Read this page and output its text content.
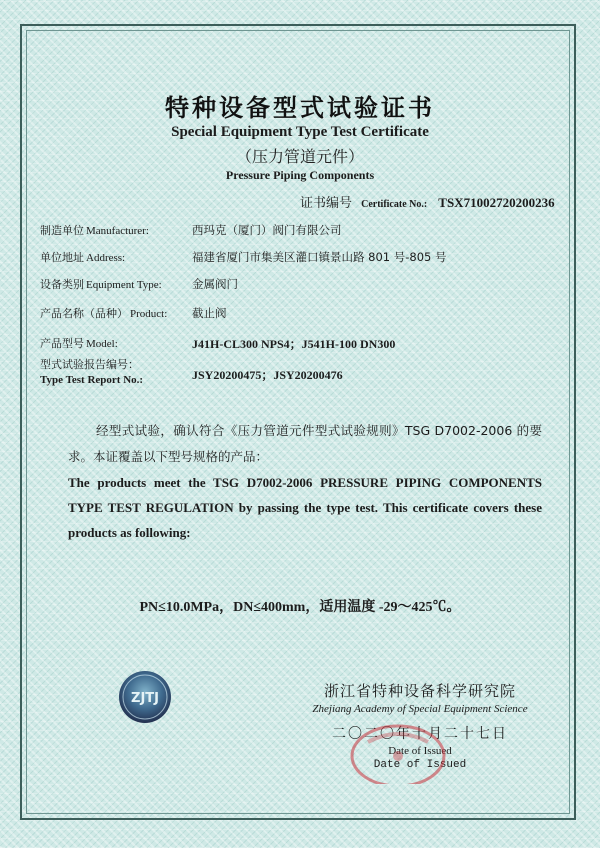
特种设备型式试验证书
Special Equipment Type Test Certificate
（压力管道元件）
Pressure Piping Components
证书编号 Certificate No.: TSX71002720200236
制造单位 Manufacturer:	西玛克（厦门）阀门有限公司
单位地址 Address:	福建省厦门市集美区灌口镇景山路 801 号-805 号
设备类别 Equipment Type:	金属阀门
产品名称（品种） Product:	截止阀
产品型号 Model:	J41H-CL300 NPS4；J541H-100 DN300
型式试验报告编号：
Type Test Report No.:	JSY20200475；JSY20200476
经型式试验，确认符合《压力管道元件型式试验规则》TSG D7002-2006 的要求。本证覆盖以下型号规格的产品：
The products meet the TSG D7002-2006 PRESSURE PIPING COMPONENTS TYPE TEST REGULATION by passing the type test. This certificate covers these products as following:
PN≤10.0MPa，DN≤400mm，适用温度 -29～425℃。
ZJTJ	浙江省特种设备科学研究院
Zhejiang Academy of Special Equipment Science
二〇二〇年十月二十七日
Date of Issued
Date of Issued
